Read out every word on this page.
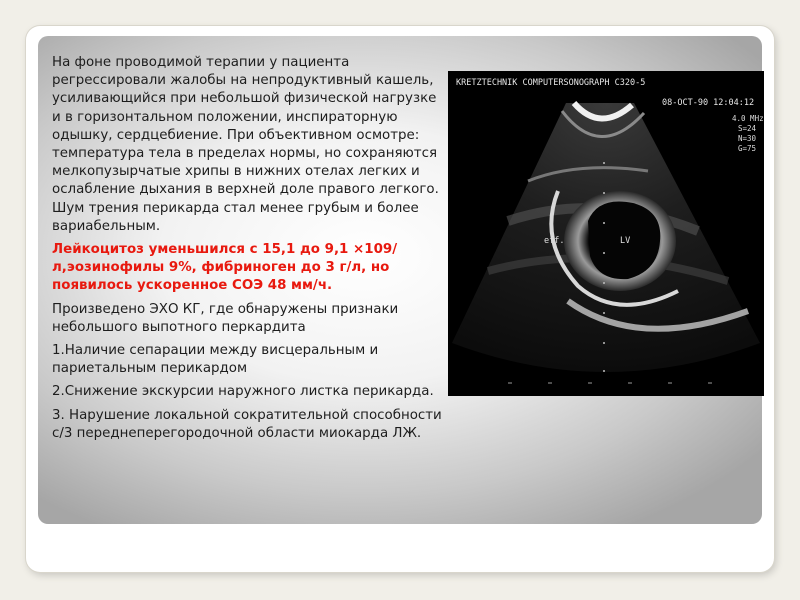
На фоне проводимой терапии у пациента регрессировали жалобы на непродуктивный кашель, усиливающийся при небольшой физической нагрузке и в горизонтальном положении, инспираторную одышку, сердцебиение. При объективном осмотре: температура тела в пределах нормы, но сохраняются мелкопузырчатые хрипы в нижних отелах легких и ослабление дыхания в верхней доле правого легкого. Шум трения перикарда стал менее грубым и более вариабельным.

Лейкоцитоз уменьшился с 15,1 до 9,1 ×109/л,эозинофилы 9%, фибриноген до 3 г/л, но появилось ускоренное СОЭ 48 мм/ч.

Произведено ЭХО КГ, где обнаружены признаки небольшого выпотного перкардита

1.Наличие сепарации между висцеральным и париетальным перикардом

2.Снижение экскурсии наружного листка перикарда.

3. Нарушение локальной сократительной способности с/3 переднеперегородочной области миокарда ЛЖ.

KRETZTECHNIK COMPUTERSONOGRAPH C320-5
08-OCT-90 12:04:12
4.0 MHz
S=24
N=30
G=75
eff.	LV
